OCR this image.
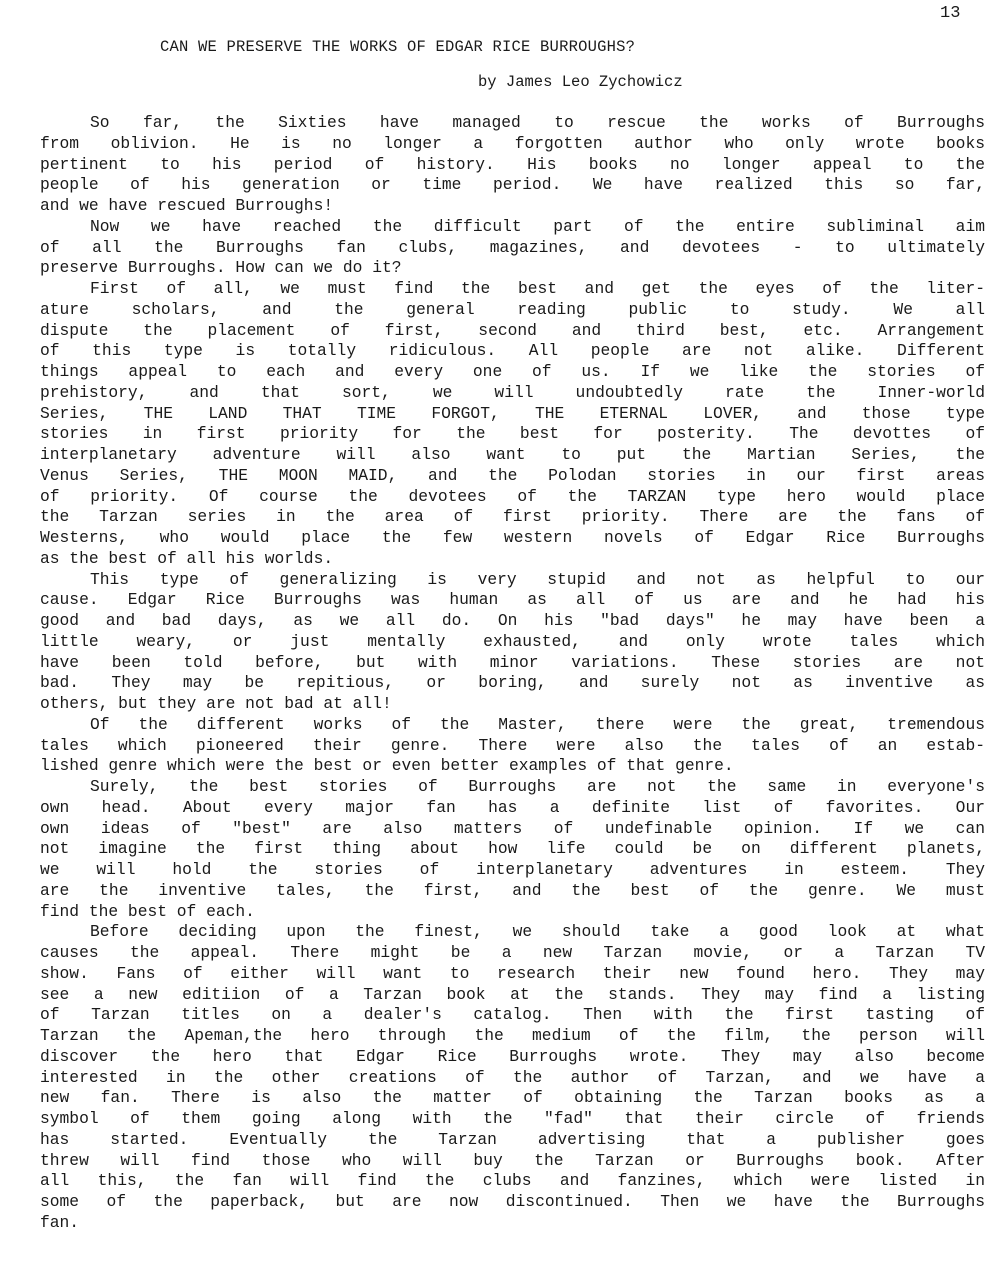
13
CAN WE PRESERVE THE WORKS OF EDGAR RICE BURROUGHS?
by James Leo Zychowicz
So far, the Sixties have managed to rescue the works of Burroughs
from oblivion. He is no longer a forgotten author who only wrote books
pertinent to his period of history. His books no longer appeal to the
people of his generation or time period. We have realized this so far,
and we have rescued Burroughs!
Now we have reached the difficult part of the entire subliminal aim
of all the Burroughs fan clubs, magazines, and devotees - to ultimately
preserve Burroughs. How can we do it?
First of all, we must find the best and get the eyes of the liter-
ature scholars, and the general reading public to study. We all
dispute the placement of first, second and third best, etc. Arrangement
of this type is totally ridiculous. All people are not alike. Different
things appeal to each and every one of us. If we like the stories of
prehistory, and that sort, we will undoubtedly rate the Inner-world
Series, THE LAND THAT TIME FORGOT, THE ETERNAL LOVER, and those type
stories in first priority for the best for posterity. The devottes of
interplanetary adventure will also want to put the Martian Series, the
Venus Series, THE MOON MAID, and the Polodan stories in our first areas
of priority. Of course the devotees of the TARZAN type hero would place
the Tarzan series in the area of first priority. There are the fans of
Westerns, who would place the few western novels of Edgar Rice Burroughs
as the best of all his worlds.
This type of generalizing is very stupid and not as helpful to our
cause. Edgar Rice Burroughs was human as all of us are and he had his
good and bad days, as we all do. On his "bad days" he may have been a
little weary, or just mentally exhausted, and only wrote tales which
have been told before, but with minor variations. These stories are not
bad. They may be repitious, or boring, and surely not as inventive as
others, but they are not bad at all!
Of the different works of the Master, there were the great, tremendous
tales which pioneered their genre. There were also the tales of an estab-
lished genre which were the best or even better examples of that genre.
Surely, the best stories of Burroughs are not the same in everyone's
own head. About every major fan has a definite list of favorites. Our
own ideas of "best" are also matters of undefinable opinion. If we can
not imagine the first thing about how life could be on different planets,
we will hold the stories of interplanetary adventures in esteem. They
are the inventive tales, the first, and the best of the genre. We must
find the best of each.
Before deciding upon the finest, we should take a good look at what
causes the appeal. There might be a new Tarzan movie, or a Tarzan TV
show. Fans of either will want to research their new found hero. They may
see a new editiion of a Tarzan book at the stands. They may find a listing
of Tarzan titles on a dealer's catalog. Then with the first tasting of
Tarzan the Apeman,the hero through the medium of the film, the person will
discover the hero that Edgar Rice Burroughs wrote. They may also become
interested in the other creations of the author of Tarzan, and we have a
new fan. There is also the matter of obtaining the Tarzan books as a
symbol of them going along with the "fad" that their circle of friends
has started. Eventually the Tarzan advertising that a publisher goes
threw will find those who will buy the Tarzan or Burroughs book. After
all this, the fan will find the clubs and fanzines, which were listed in
some of the paperback, but are now discontinued. Then we have the Burroughs
fan.
